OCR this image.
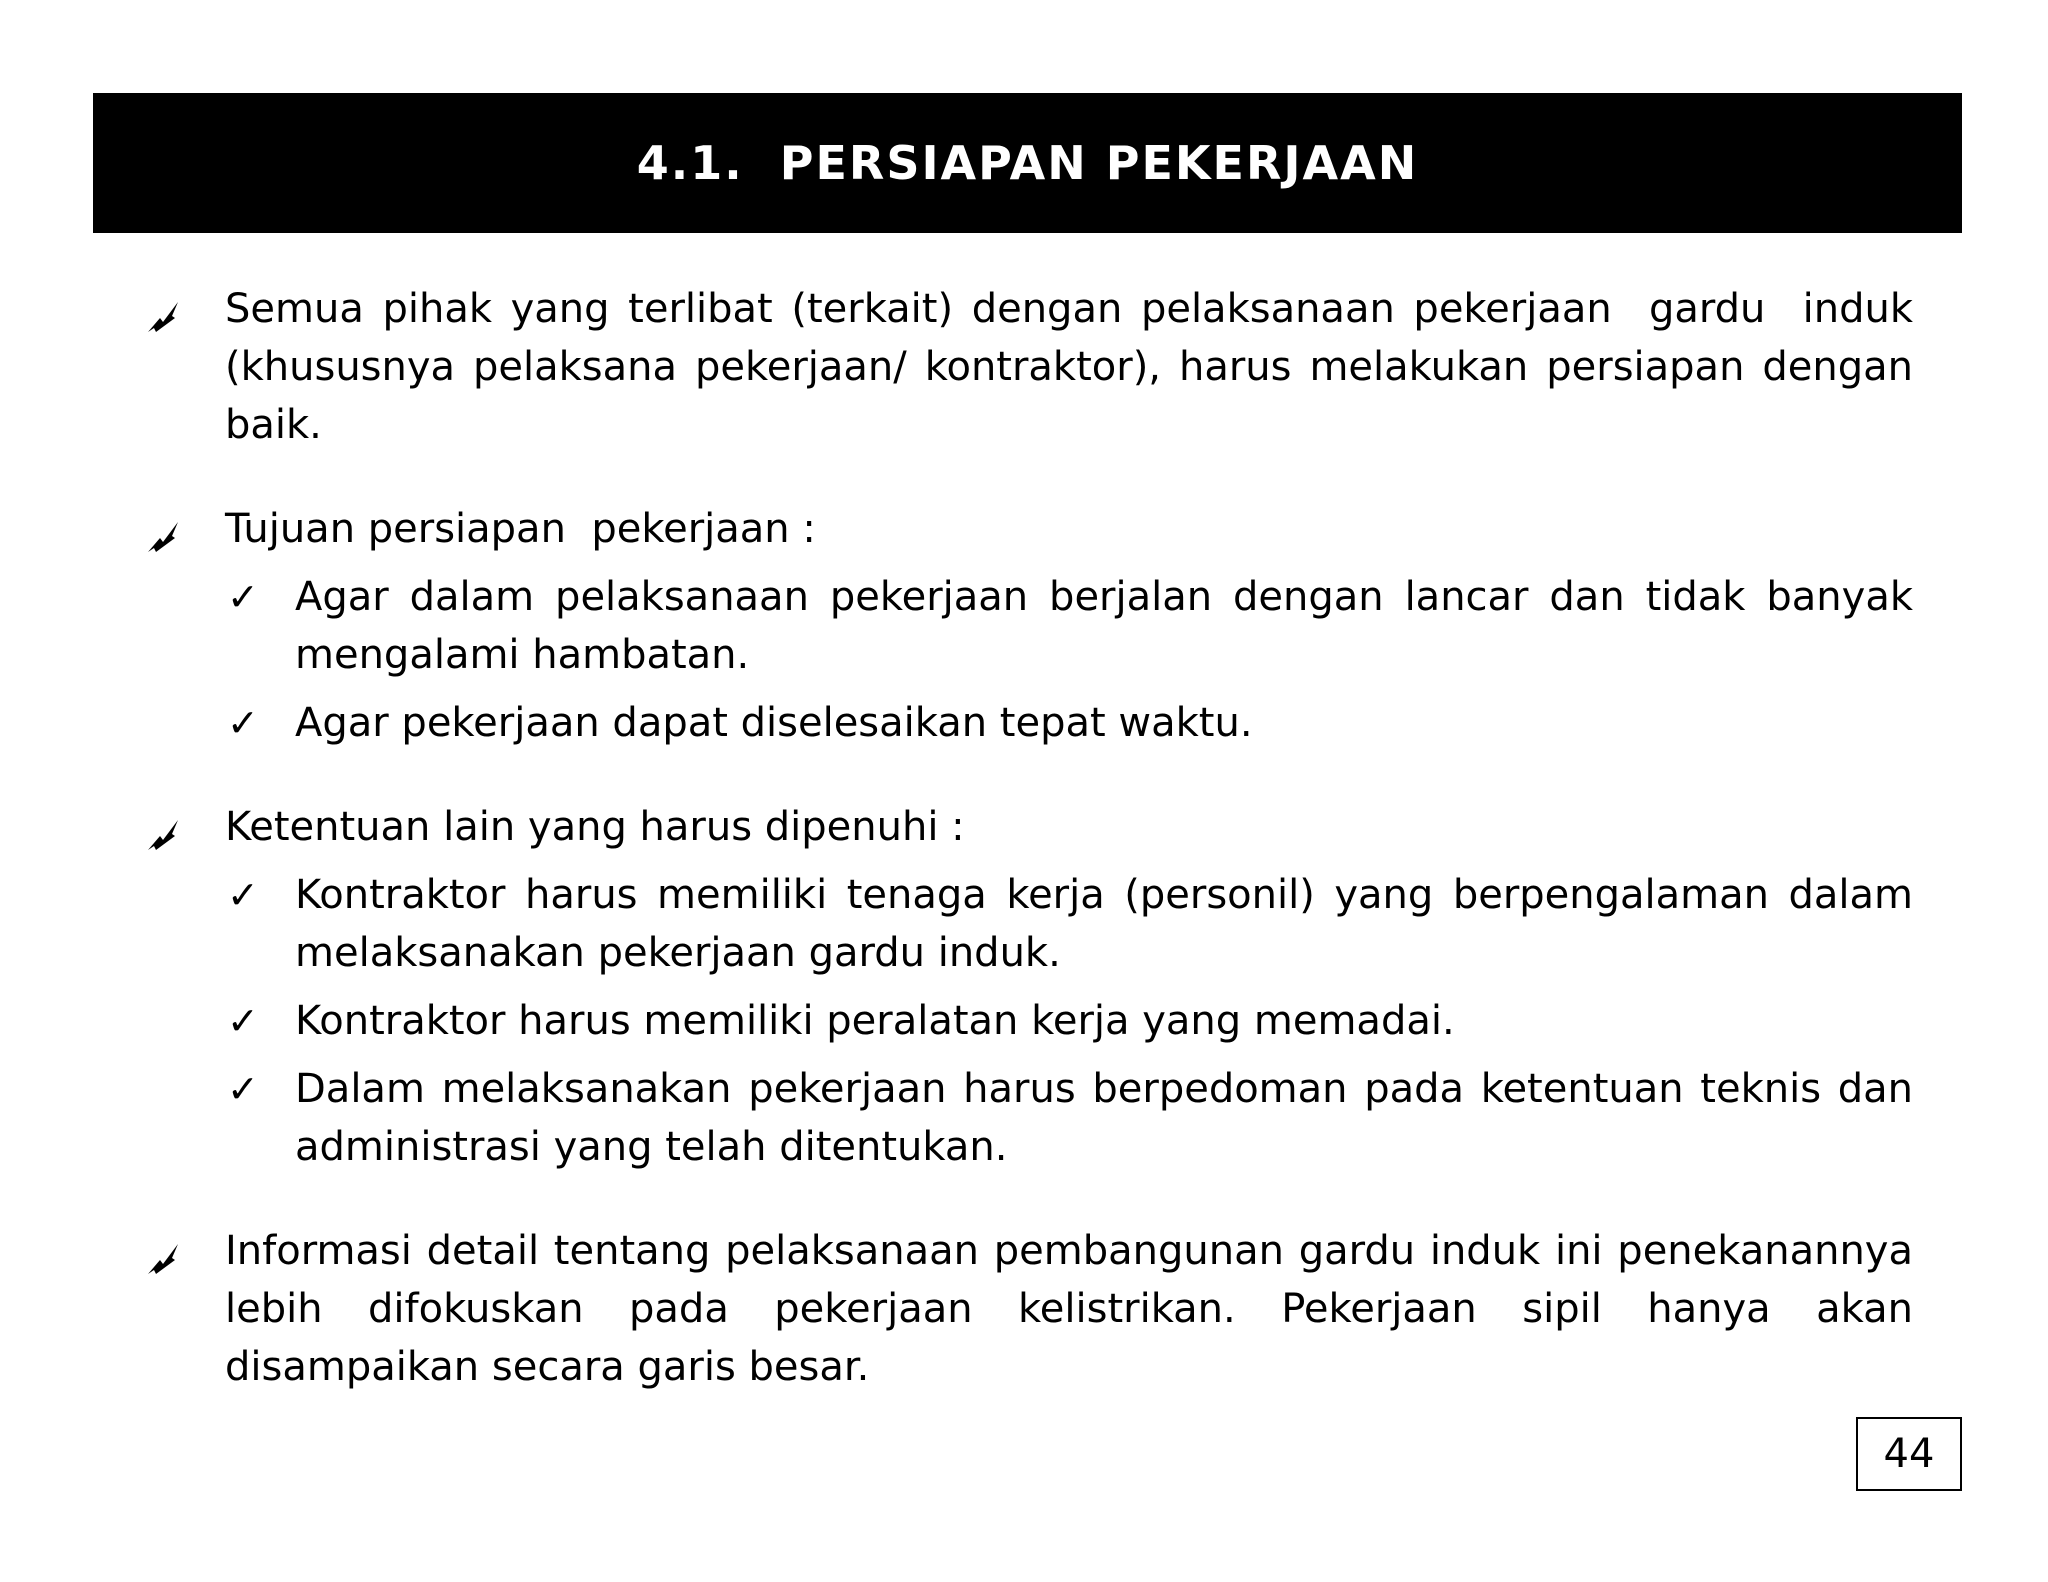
4.1.  PERSIAPAN PEKERJAAN
Semua pihak yang terlibat (terkait) dengan pelaksanaan pekerjaan  gardu  induk (khususnya pelaksana pekerjaan/ kontraktor), harus melakukan persiapan dengan baik.
Tujuan persiapan  pekerjaan :
✓ Agar dalam pelaksanaan pekerjaan berjalan dengan lancar dan tidak banyak mengalami hambatan.
✓ Agar pekerjaan dapat diselesaikan tepat waktu.
Ketentuan lain yang harus dipenuhi :
✓ Kontraktor harus memiliki tenaga kerja (personil) yang berpengalaman dalam melaksanakan pekerjaan gardu induk.
✓ Kontraktor harus memiliki peralatan kerja yang memadai.
✓ Dalam melaksanakan pekerjaan harus berpedoman pada ketentuan teknis dan administrasi yang telah ditentukan.
Informasi detail tentang pelaksanaan pembangunan gardu induk ini penekanannya lebih difokuskan pada pekerjaan kelistrikan. Pekerjaan sipil hanya akan disampaikan secara garis besar.
44
